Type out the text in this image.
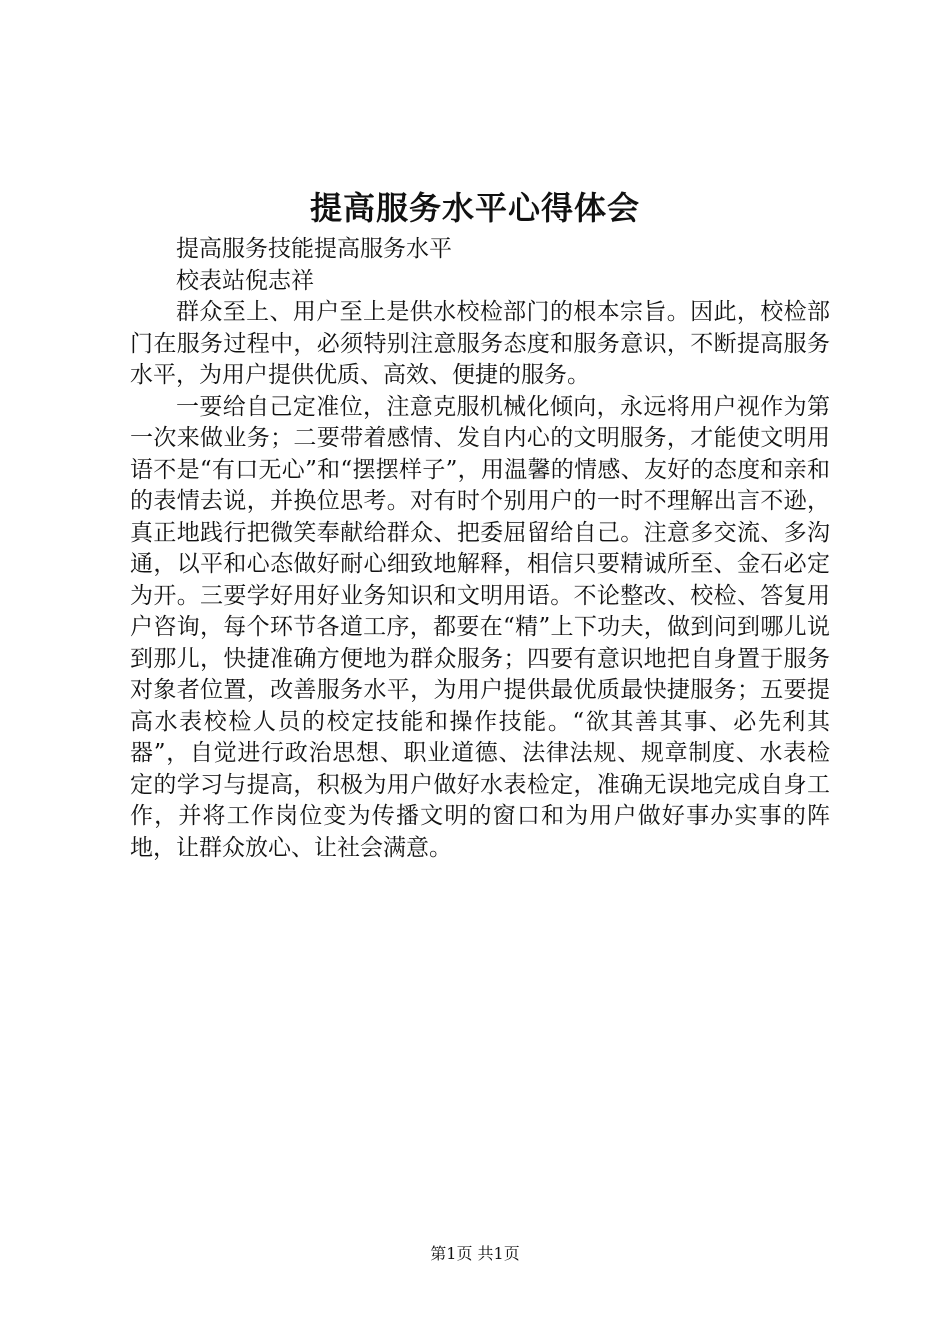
提高服务水平心得体会

提高服务技能提高服务水平

校表站倪志祥

群众至上、用户至上是供水校检部门的根本宗旨。因此，校检部门在服务过程中，必须特别注意服务态度和服务意识，不断提高服务水平，为用户提供优质、高效、便捷的服务。

一要给自己定准位，注意克服机械化倾向，永远将用户视作为第一次来做业务；二要带着感情、发自内心的文明服务，才能使文明用语不是“有口无心”和“摆摆样子”，用温馨的情感、友好的态度和亲和的表情去说，并换位思考。对有时个别用户的一时不理解出言不逊，真正地践行把微笑奉献给群众、把委屈留给自己。注意多交流、多沟通，以平和心态做好耐心细致地解释，相信只要精诚所至、金石必定为开。三要学好用好业务知识和文明用语。不论整改、校检、答复用户咨询，每个环节各道工序，都要在“精”上下功夫，做到问到哪儿说到那儿，快捷准确方便地为群众服务；四要有意识地把自身置于服务对象者位置，改善服务水平，为用户提供最优质最快捷服务；五要提高水表校检人员的校定技能和操作技能。“欲其善其事、必先利其器”，自觉进行政治思想、职业道德、法律法规、规章制度、水表检定的学习与提高，积极为用户做好水表检定，准确无误地完成自身工作，并将工作岗位变为传播文明的窗口和为用户做好事办实事的阵地，让群众放心、让社会满意。

第1页 共1页
